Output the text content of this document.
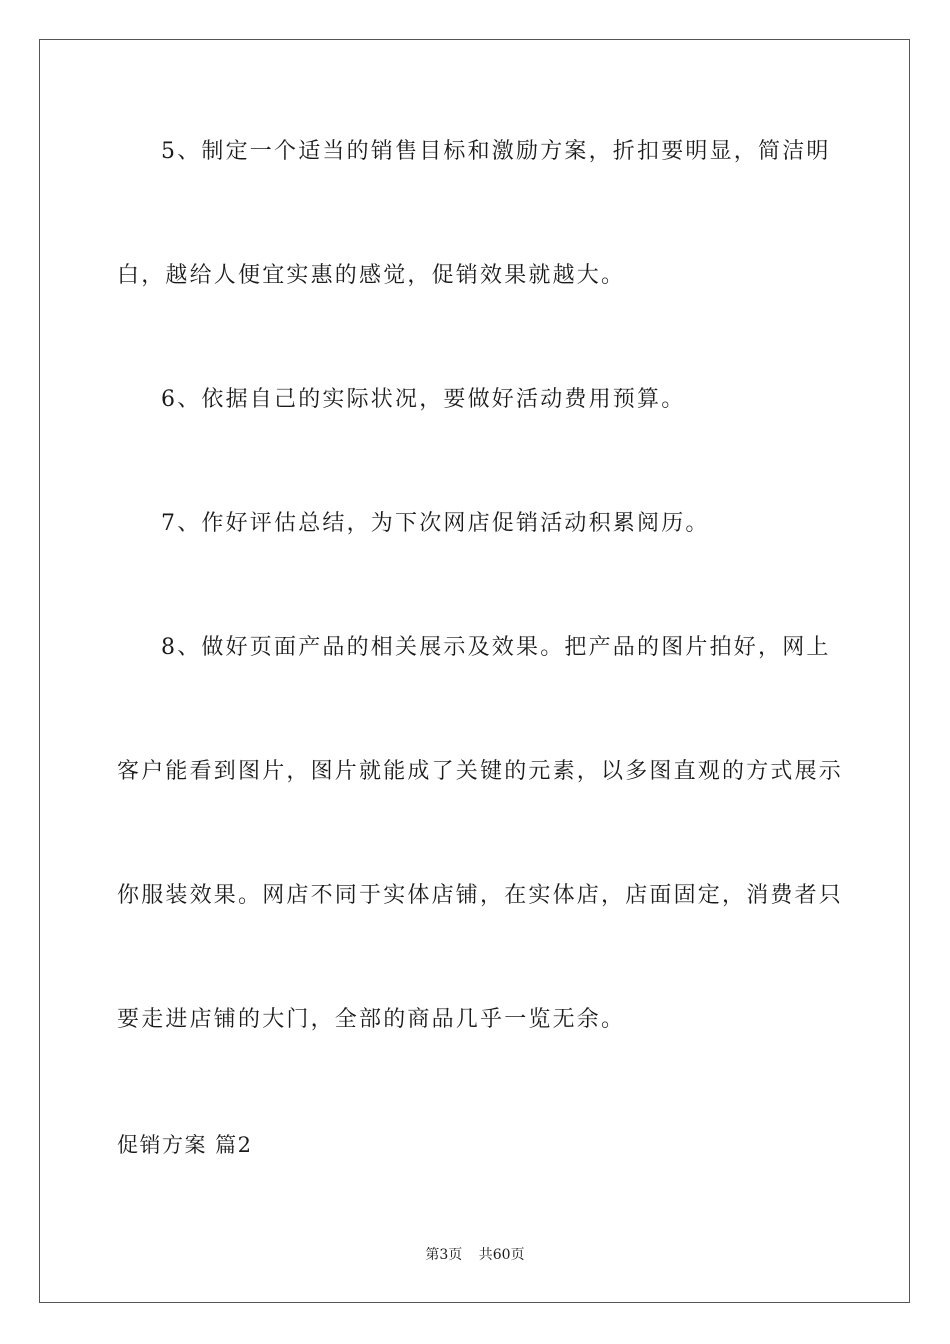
5、制定一个适当的销售目标和激励方案，折扣要明显，简洁明
白，越给人便宜实惠的感觉，促销效果就越大。
6、依据自己的实际状况，要做好活动费用预算。
7、作好评估总结，为下次网店促销活动积累阅历。
8、做好页面产品的相关展示及效果。把产品的图片拍好，网上
客户能看到图片，图片就能成了关键的元素，以多图直观的方式展示
你服装效果。网店不同于实体店铺，在实体店，店面固定，消费者只
要走进店铺的大门，全部的商品几乎一览无余。
促销方案 篇2
第3页 共60页
